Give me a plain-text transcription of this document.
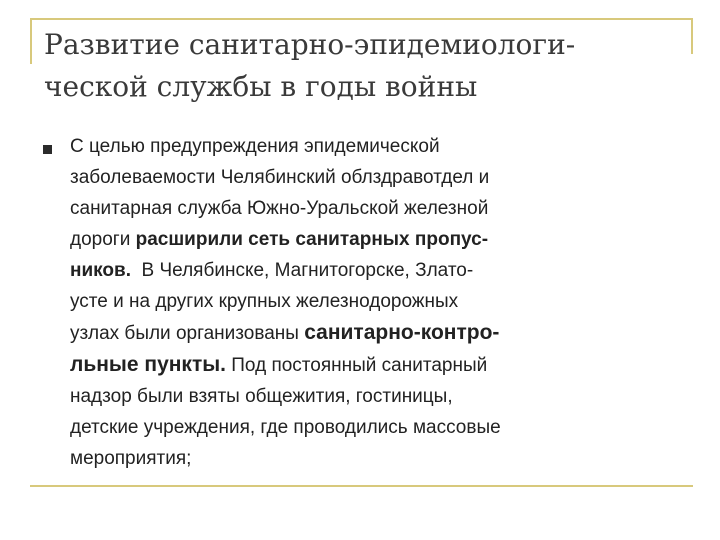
Развитие санитарно-эпидемиологи-
ческой службы в годы войны

С целью предупреждения эпидемической
заболеваемости Челябинский облздравотдел и
санитарная служба Южно-Уральской железной
дороги расширили сеть санитарных пропус-
ников.  В Челябинске, Магнитогорске, Злато-
усте и на других крупных железнодорожных
узлах были организованы санитарно-контро-
льные пункты. Под постоянный санитарный
надзор были взяты общежития, гостиницы,
детские учреждения, где проводились массовые
мероприятия;
